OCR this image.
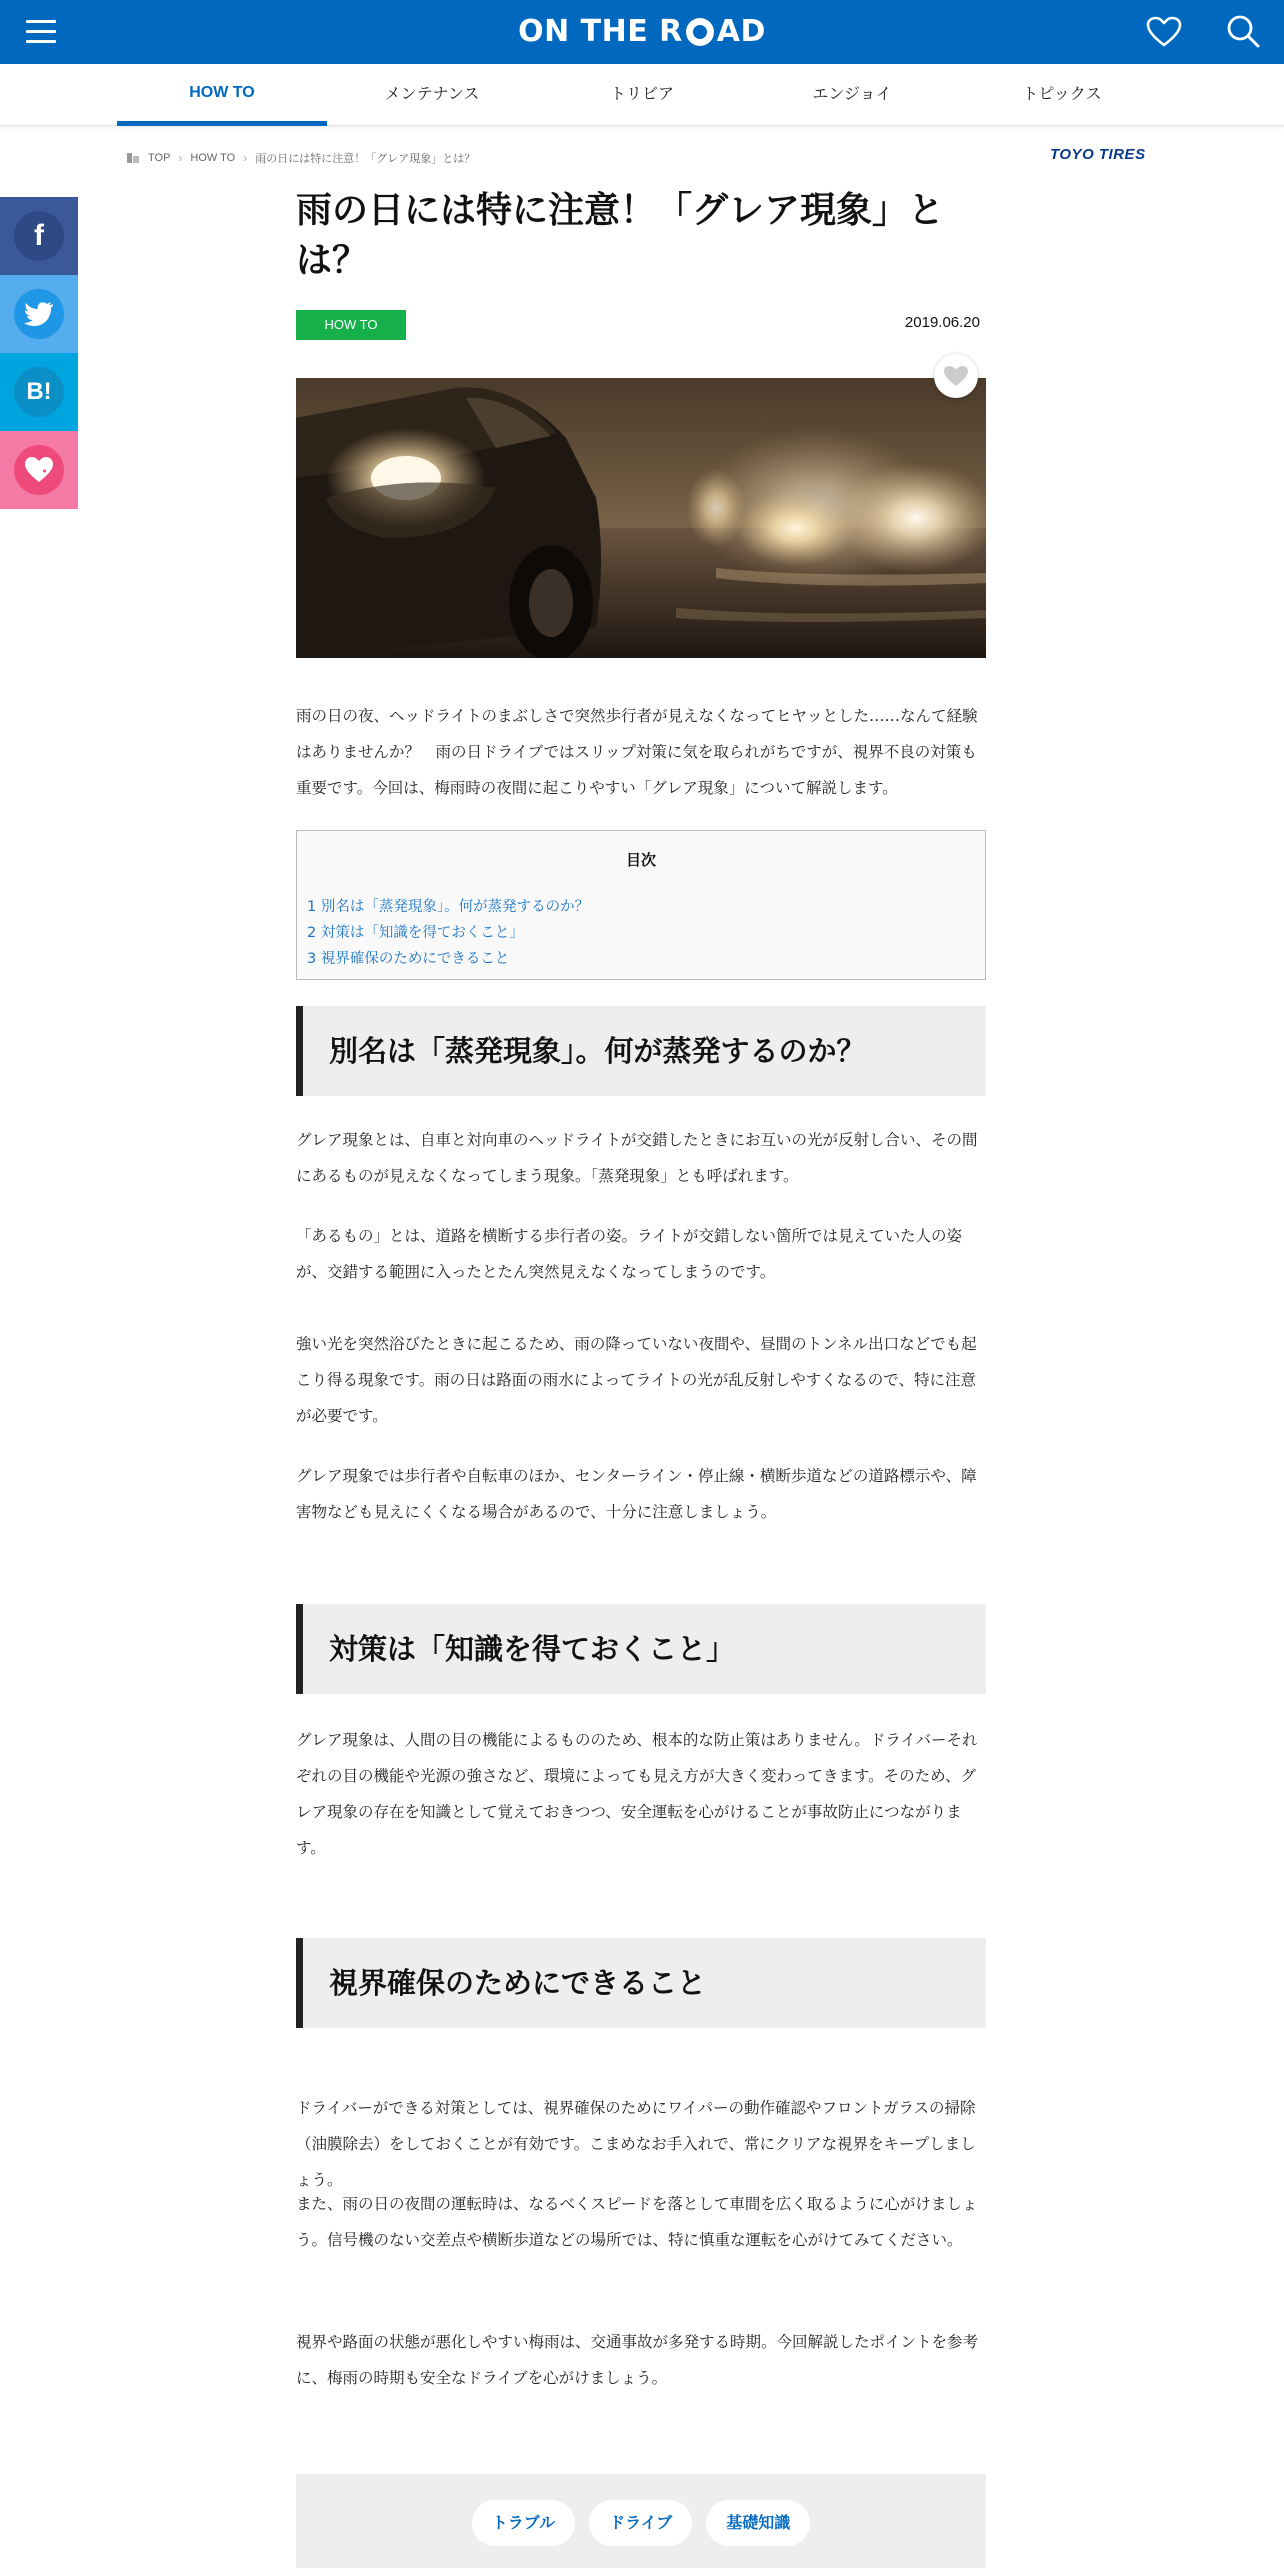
ON THE R AD
HOW TO	メンテナンス	トリビア	エンジョイ	トピックス
TOP › HOW TO › 雨の日には特に注意！「グレア現象」とは？	TOYO TIRES
f
B!
雨の日には特に注意！「グレア現象」とは？
HOW TO	2019.06.20

雨の日の夜、ヘッドライトのまぶしさで突然歩行者が見えなくなってヒヤッとした……なんて経験はありませんか？　雨の日ドライブではスリップ対策に気を取られがちですが、視界不良の対策も重要です。今回は、梅雨時の夜間に起こりやすい「グレア現象」について解説します。

目次
1 別名は「蒸発現象」。何が蒸発するのか？
2 対策は「知識を得ておくこと」
3 視界確保のためにできること
別名は「蒸発現象」。何が蒸発するのか？

グレア現象とは、自車と対向車のヘッドライトが交錯したときにお互いの光が反射し合い、その間にあるものが見えなくなってしまう現象。「蒸発現象」とも呼ばれます。

「あるもの」とは、道路を横断する歩行者の姿。ライトが交錯しない箇所では見えていた人の姿が、交錯する範囲に入ったとたん突然見えなくなってしまうのです。

強い光を突然浴びたときに起こるため、雨の降っていない夜間や、昼間のトンネル出口などでも起こり得る現象です。雨の日は路面の雨水によってライトの光が乱反射しやすくなるので、特に注意が必要です。

グレア現象では歩行者や自転車のほか、センターライン・停止線・横断歩道などの道路標示や、障害物なども見えにくくなる場合があるので、十分に注意しましょう。

対策は「知識を得ておくこと」

グレア現象は、人間の目の機能によるもののため、根本的な防止策はありません。ドライバーそれぞれの目の機能や光源の強さなど、環境によっても見え方が大きく変わってきます。そのため、グレア現象の存在を知識として覚えておきつつ、安全運転を心がけることが事故防止につながります。

視界確保のためにできること

ドライバーができる対策としては、視界確保のためにワイパーの動作確認やフロントガラスの掃除（油膜除去）をしておくことが有効です。こまめなお手入れで、常にクリアな視界をキープしましょう。

また、雨の日の夜間の運転時は、なるべくスピードを落として車間を広く取るように心がけましょう。信号機のない交差点や横断歩道などの場所では、特に慎重な運転を心がけてみてください。

視界や路面の状態が悪化しやすい梅雨は、交通事故が多発する時期。今回解説したポイントを参考に、梅雨の時期も安全なドライブを心がけましょう。

トラブル	ドライブ	基礎知識
